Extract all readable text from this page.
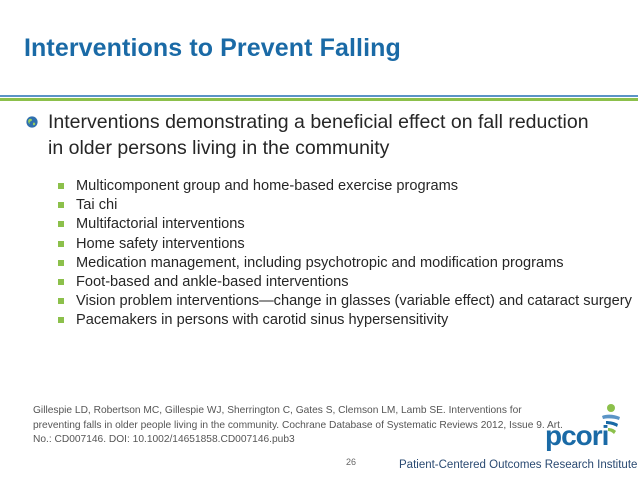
Interventions to Prevent Falling
Interventions demonstrating a beneficial effect on fall reduction in older persons living in the community
Multicomponent group and home-based exercise programs
Tai chi
Multifactorial interventions
Home safety interventions
Medication management, including psychotropic and modification programs
Foot-based and ankle-based interventions
Vision problem interventions—change in glasses (variable effect) and cataract surgery
Pacemakers in persons with carotid sinus hypersensitivity
Gillespie LD, Robertson MC, Gillespie WJ, Sherrington C, Gates S, Clemson LM, Lamb SE. Interventions for preventing falls in older people living in the community. Cochrane Database of Systematic Reviews 2012, Issue 9. Art. No.: CD007146. DOI: 10.1002/14651858.CD007146.pub3
26
pcori
Patient-Centered Outcomes Research Institute
